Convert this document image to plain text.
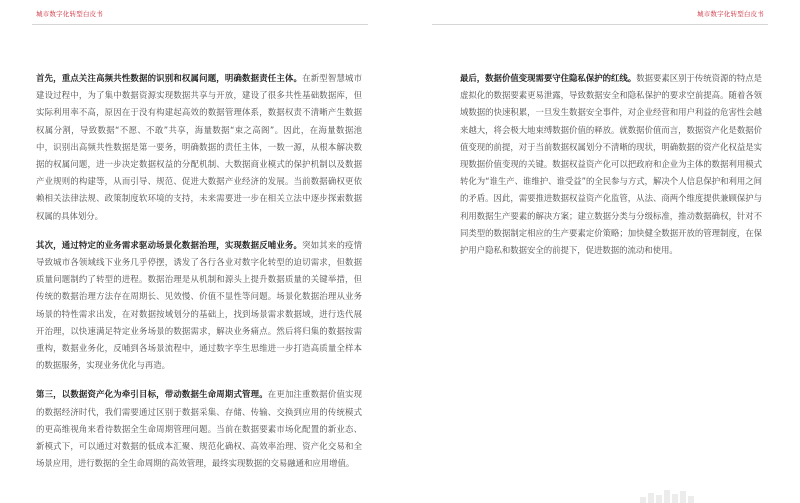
城市数字化转型白皮书

首先，重点关注高频共性数据的识别和权属问题，明确数据责任主体。在新型智慧城市建设过程中，为了集中数据资源实现数据共享与开放，建设了很多共性基础数据库，但实际利用率不高，原因在于没有构建起高效的数据管理体系，数据权责不清晰产生数据权属分割，导致数据“不愿、不敢”共享，海量数据“束之高阁”。因此，在海量数据池中，识别出高频共性数据是第一要务，明确数据的责任主体，一数一源，从根本解决数据的权属问题，进一步决定数据权益的分配机制、大数据商业模式的保护机制以及数据产业规则的构建等，从而引导、规范、促进大数据产业经济的发展。当前数据确权更依赖相关法律法规、政策制度软环境的支持，未来需要进一步在相关立法中逐步探索数据权属的具体划分。

其次，通过特定的业务需求驱动场景化数据治理，实现数据反哺业务。突如其来的疫情导致城市各领域线下业务几乎停摆，诱发了各行各业对数字化转型的迫切需求，但数据质量问题制约了转型的进程。数据治理是从机制和源头上提升数据质量的关键举措，但传统的数据治理方法存在周期长、见效慢、价值不显性等问题。场景化数据治理从业务场景的特性需求出发，在对数据按域划分的基础上，找到场景需求数据域，进行迭代展开治理，以快速满足特定业务场景的数据需求，解决业务痛点。然后将归集的数据按需重构，数据业务化，反哺到各场景流程中，通过数字孪生思维进一步打造高质量全样本的数据服务，实现业务优化与再造。

第三，以数据资产化为牵引目标，带动数据生命周期式管理。在更加注重数据价值实现的数据经济时代，我们需要通过区别于数据采集、存储、传输、交换到应用的传统模式的更高维视角来看待数据全生命周期管理问题。当前在数据要素市场化配置的新业态、新模式下，可以通过对数据的低成本汇聚、规范化确权、高效率治理、资产化交易和全场景应用，进行数据的全生命周期的高效管理，最终实现数据的交易融通和应用增值。

城市数字化转型白皮书

最后，数据价值变现需要守住隐私保护的红线。数据要素区别于传统资源的特点是虚拟化的数据要素更易泄露，导致数据安全和隐私保护的要求空前提高。随着各领域数据的快速积累，一旦发生数据安全事件，对企业经营和用户利益的危害性会越来越大，将会极大地束缚数据价值的释放。就数据价值而言，数据资产化是数据价值变现的前提，对于当前数据权属划分不清晰的现状，明确数据的资产化权益是实现数据价值变现的关键。数据权益资产化可以把政府和企业为主体的数据利用模式转化为“谁生产、谁维护、谁受益”的全民参与方式，解决个人信息保护和利用之间的矛盾。因此，需要推进数据权益资产化监管，从法、商两个维度提供兼顾保护与利用数据生产要素的解决方案；建立数据分类与分级标准，推动数据确权，针对不同类型的数据制定相应的生产要素定价策略；加快健全数据开放的管理制度，在保护用户隐私和数据安全的前提下，促进数据的流动和使用。
